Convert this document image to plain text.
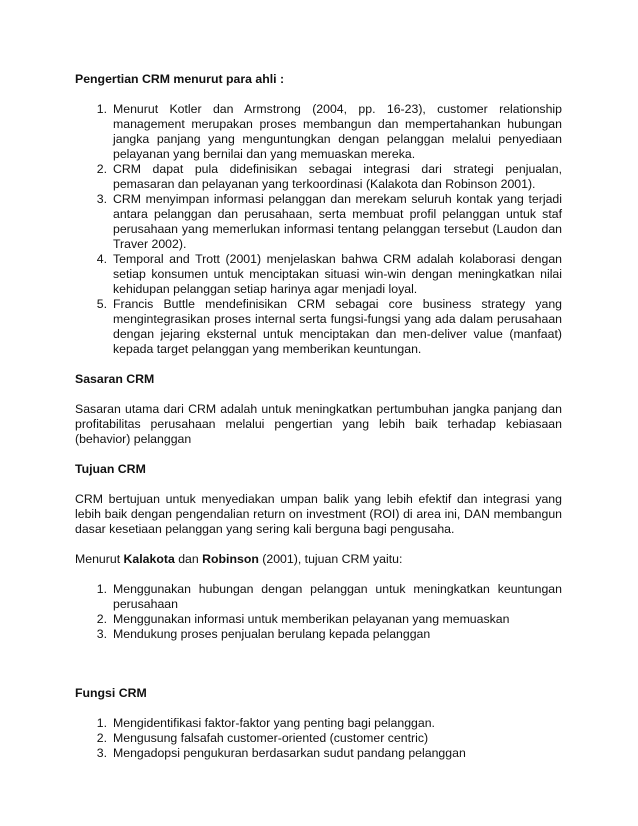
Pengertian CRM menurut para ahli :

1. Menurut Kotler dan Armstrong (2004, pp. 16-23), customer relationship management merupakan proses membangun dan mempertahankan hubungan jangka panjang yang menguntungkan dengan pelanggan melalui penyediaan pelayanan yang bernilai dan yang memuaskan mereka.
2. CRM dapat pula didefinisikan sebagai integrasi dari strategi penjualan, pemasaran dan pelayanan yang terkoordinasi (Kalakota dan Robinson 2001).
3. CRM menyimpan informasi pelanggan dan merekam seluruh kontak yang terjadi antara pelanggan dan perusahaan, serta membuat profil pelanggan untuk staf perusahaan yang memerlukan informasi tentang pelanggan tersebut (Laudon dan Traver 2002).
4. Temporal and Trott (2001) menjelaskan bahwa CRM adalah kolaborasi dengan setiap konsumen untuk menciptakan situasi win-win dengan meningkatkan nilai kehidupan pelanggan setiap harinya agar menjadi loyal.
5. Francis Buttle mendefinisikan CRM sebagai core business strategy yang mengintegrasikan proses internal serta fungsi-fungsi yang ada dalam perusahaan dengan jejaring eksternal untuk menciptakan dan men-deliver value (manfaat) kepada target pelanggan yang memberikan keuntungan.

Sasaran CRM

Sasaran utama dari CRM adalah untuk meningkatkan pertumbuhan jangka panjang dan profitabilitas perusahaan melalui pengertian yang lebih baik terhadap kebiasaan (behavior) pelanggan

Tujuan CRM

CRM bertujuan untuk menyediakan umpan balik yang lebih efektif dan integrasi yang lebih baik dengan pengendalian return on investment (ROI) di area ini, DAN membangun dasar kesetiaan pelanggan yang sering kali berguna bagi pengusaha.

Menurut Kalakota dan Robinson (2001), tujuan CRM yaitu:

1. Menggunakan hubungan dengan pelanggan untuk meningkatkan keuntungan perusahaan
2. Menggunakan informasi untuk memberikan pelayanan yang memuaskan
3. Mendukung proses penjualan berulang kepada pelanggan

Fungsi CRM

1. Mengidentifikasi faktor-faktor yang penting bagi pelanggan.
2. Mengusung falsafah customer-oriented (customer centric)
3. Mengadopsi pengukuran berdasarkan sudut pandang pelanggan
